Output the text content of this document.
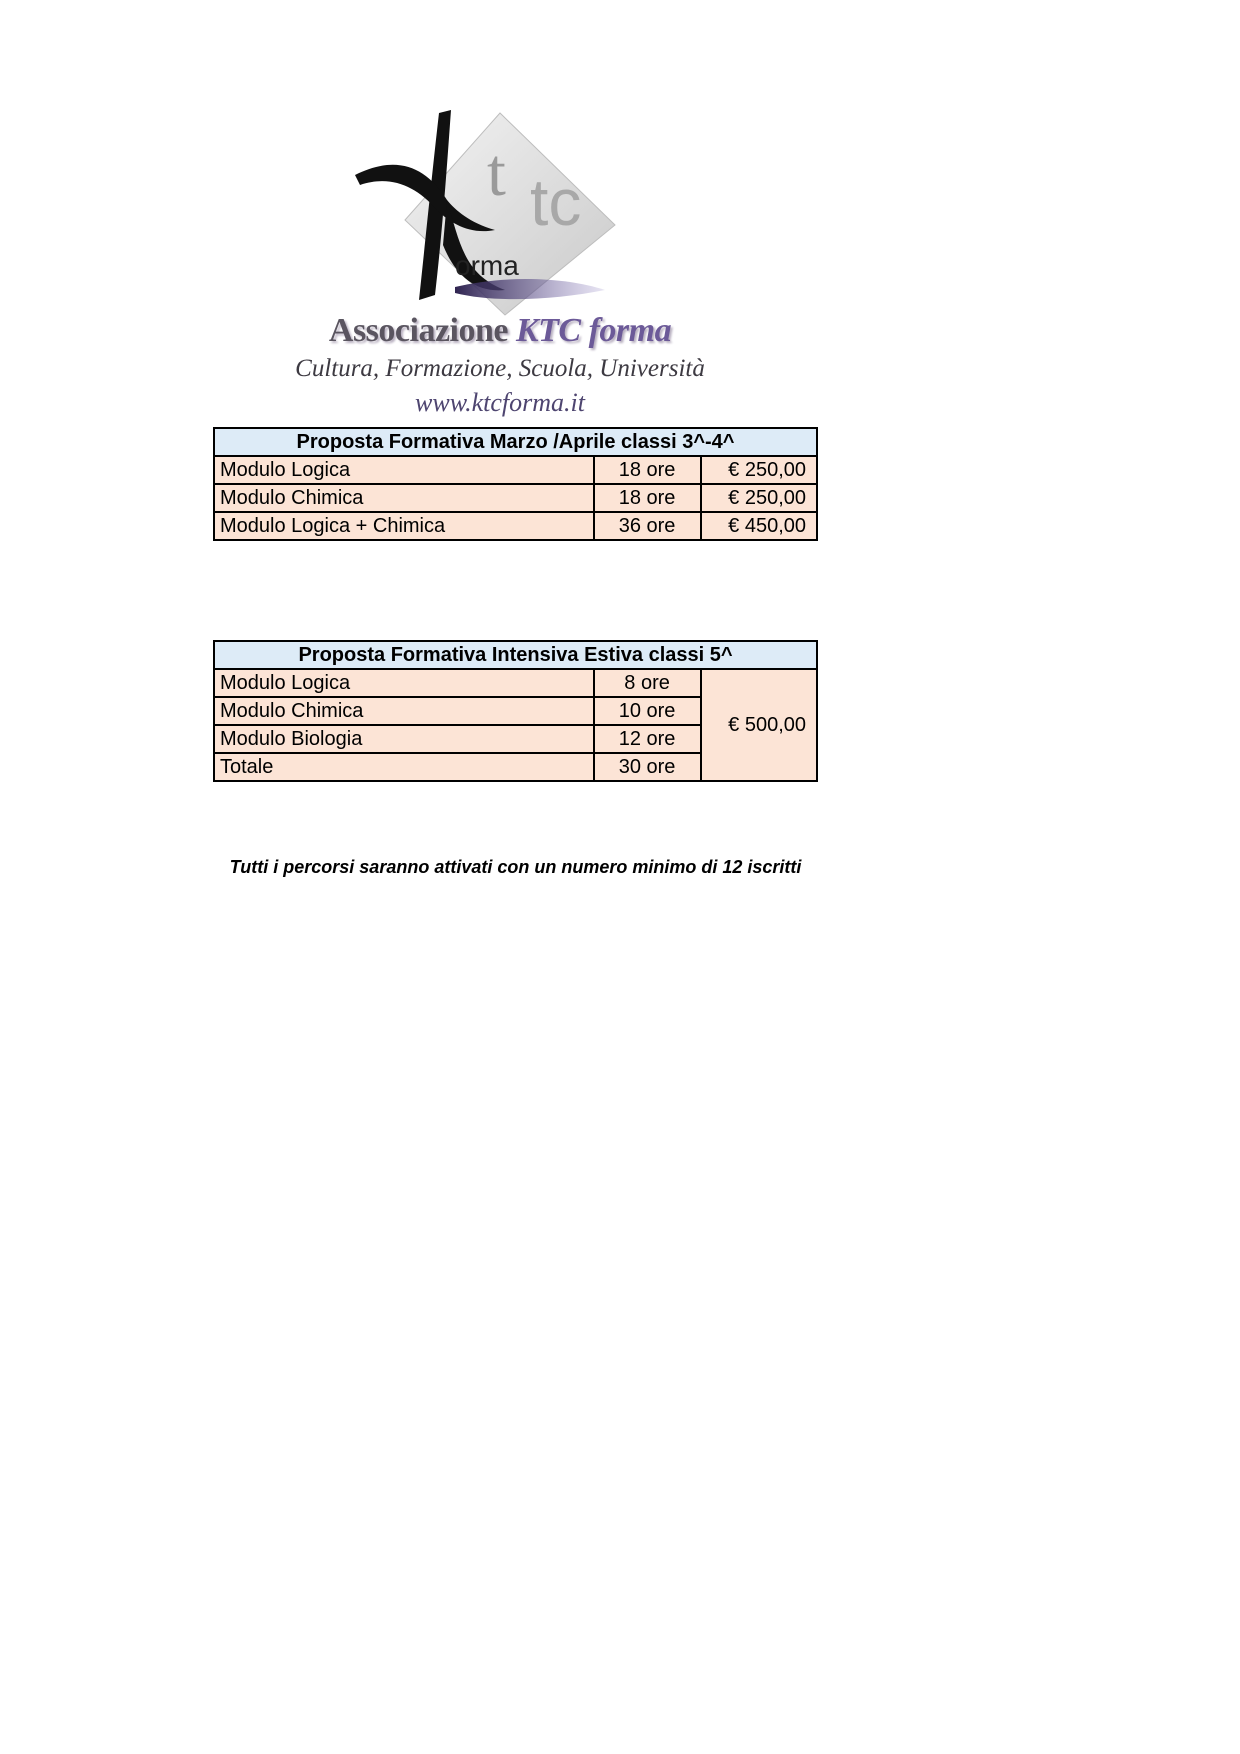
t tc
orma
Associazione KTC forma
Cultura, Formazione, Scuola, Università
www.ktcforma.it
Proposta Formativa Marzo /Aprile classi 3^-4^		
Modulo Logica	18 ore	€ 250,00
Modulo Chimica	18 ore	€ 250,00
Modulo Logica + Chimica	36 ore	€ 450,00
Proposta Formativa Intensiva Estiva classi 5^		
Modulo Logica	8 ore	€ 500,00
Modulo Chimica	10 ore	
Modulo Biologia	12 ore	
Totale	30 ore	
Tutti i percorsi saranno attivati con un numero minimo di 12 iscritti
